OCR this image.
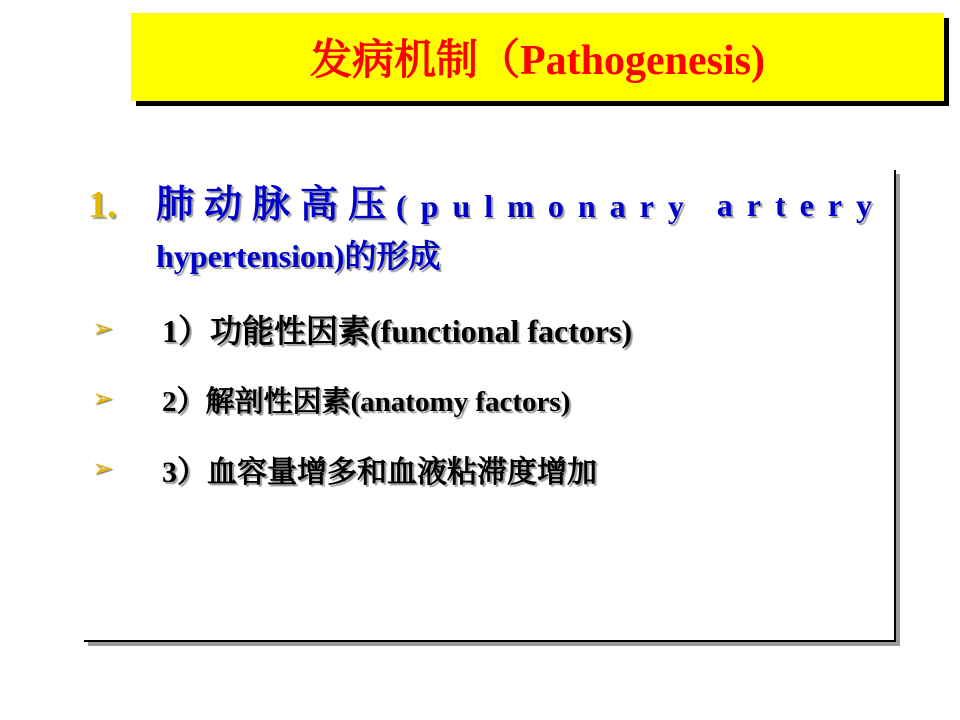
发病机制（Pathogenesis)
1.	肺动脉高压(pulmonary artery
hypertension)的形成
➢	1）功能性因素(functional factors)
➢	2）解剖性因素(anatomy factors)
➢	3）血容量增多和血液粘滞度增加
